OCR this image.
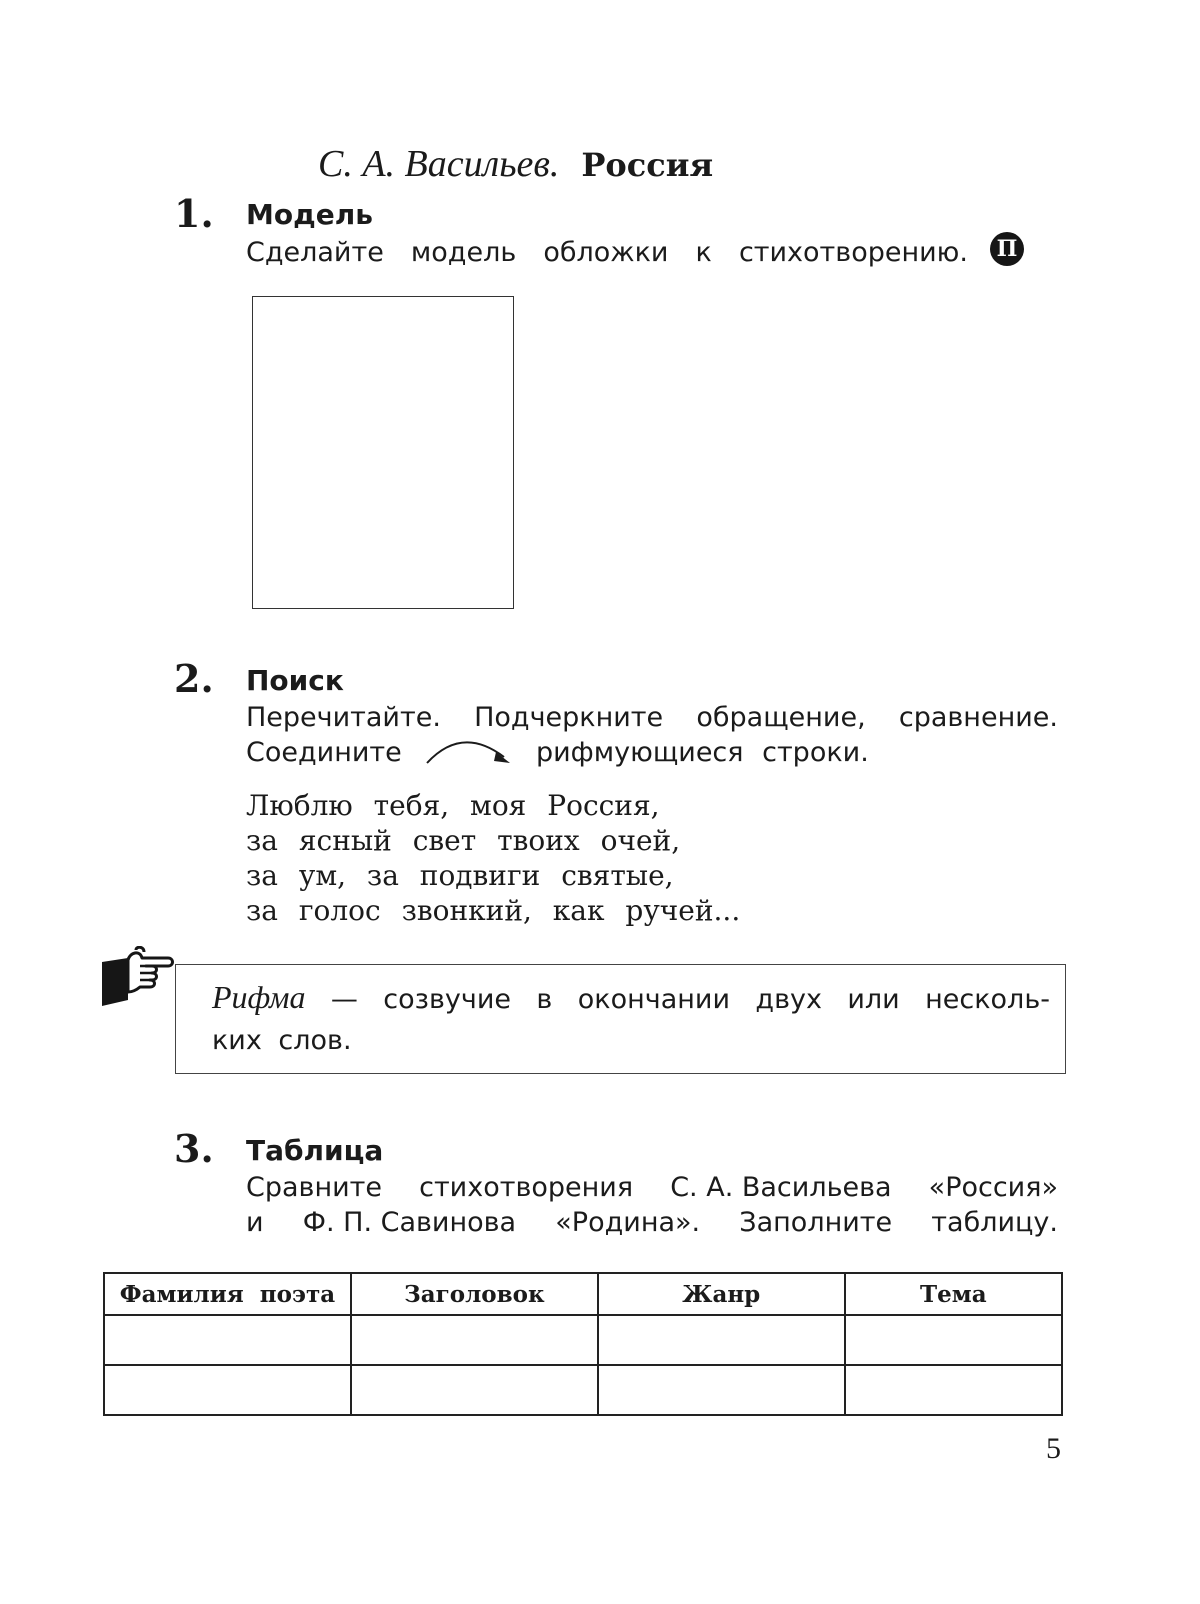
С. А. Васильев. Россия
1. Модель
Сделайте модель обложки к стихотворению.	П
2. Поиск
Перечитайте. Подчеркните обращение, сравнение.
Соедините	рифмующиеся строки.
Люблю тебя, моя Россия,
за ясный свет твоих очей,
за ум, за подвиги святые,
за голос звонкий, как ручей...
Рифма — созвучие в окончании двух или несколь-
ких слов.
3. Таблица
Сравните стихотворения С. А. Васильева «Россия»
и Ф. П. Савинова «Родина». Заполните таблицу.
Фамилия  поэта	Заголовок	Жанр	Тема

5
